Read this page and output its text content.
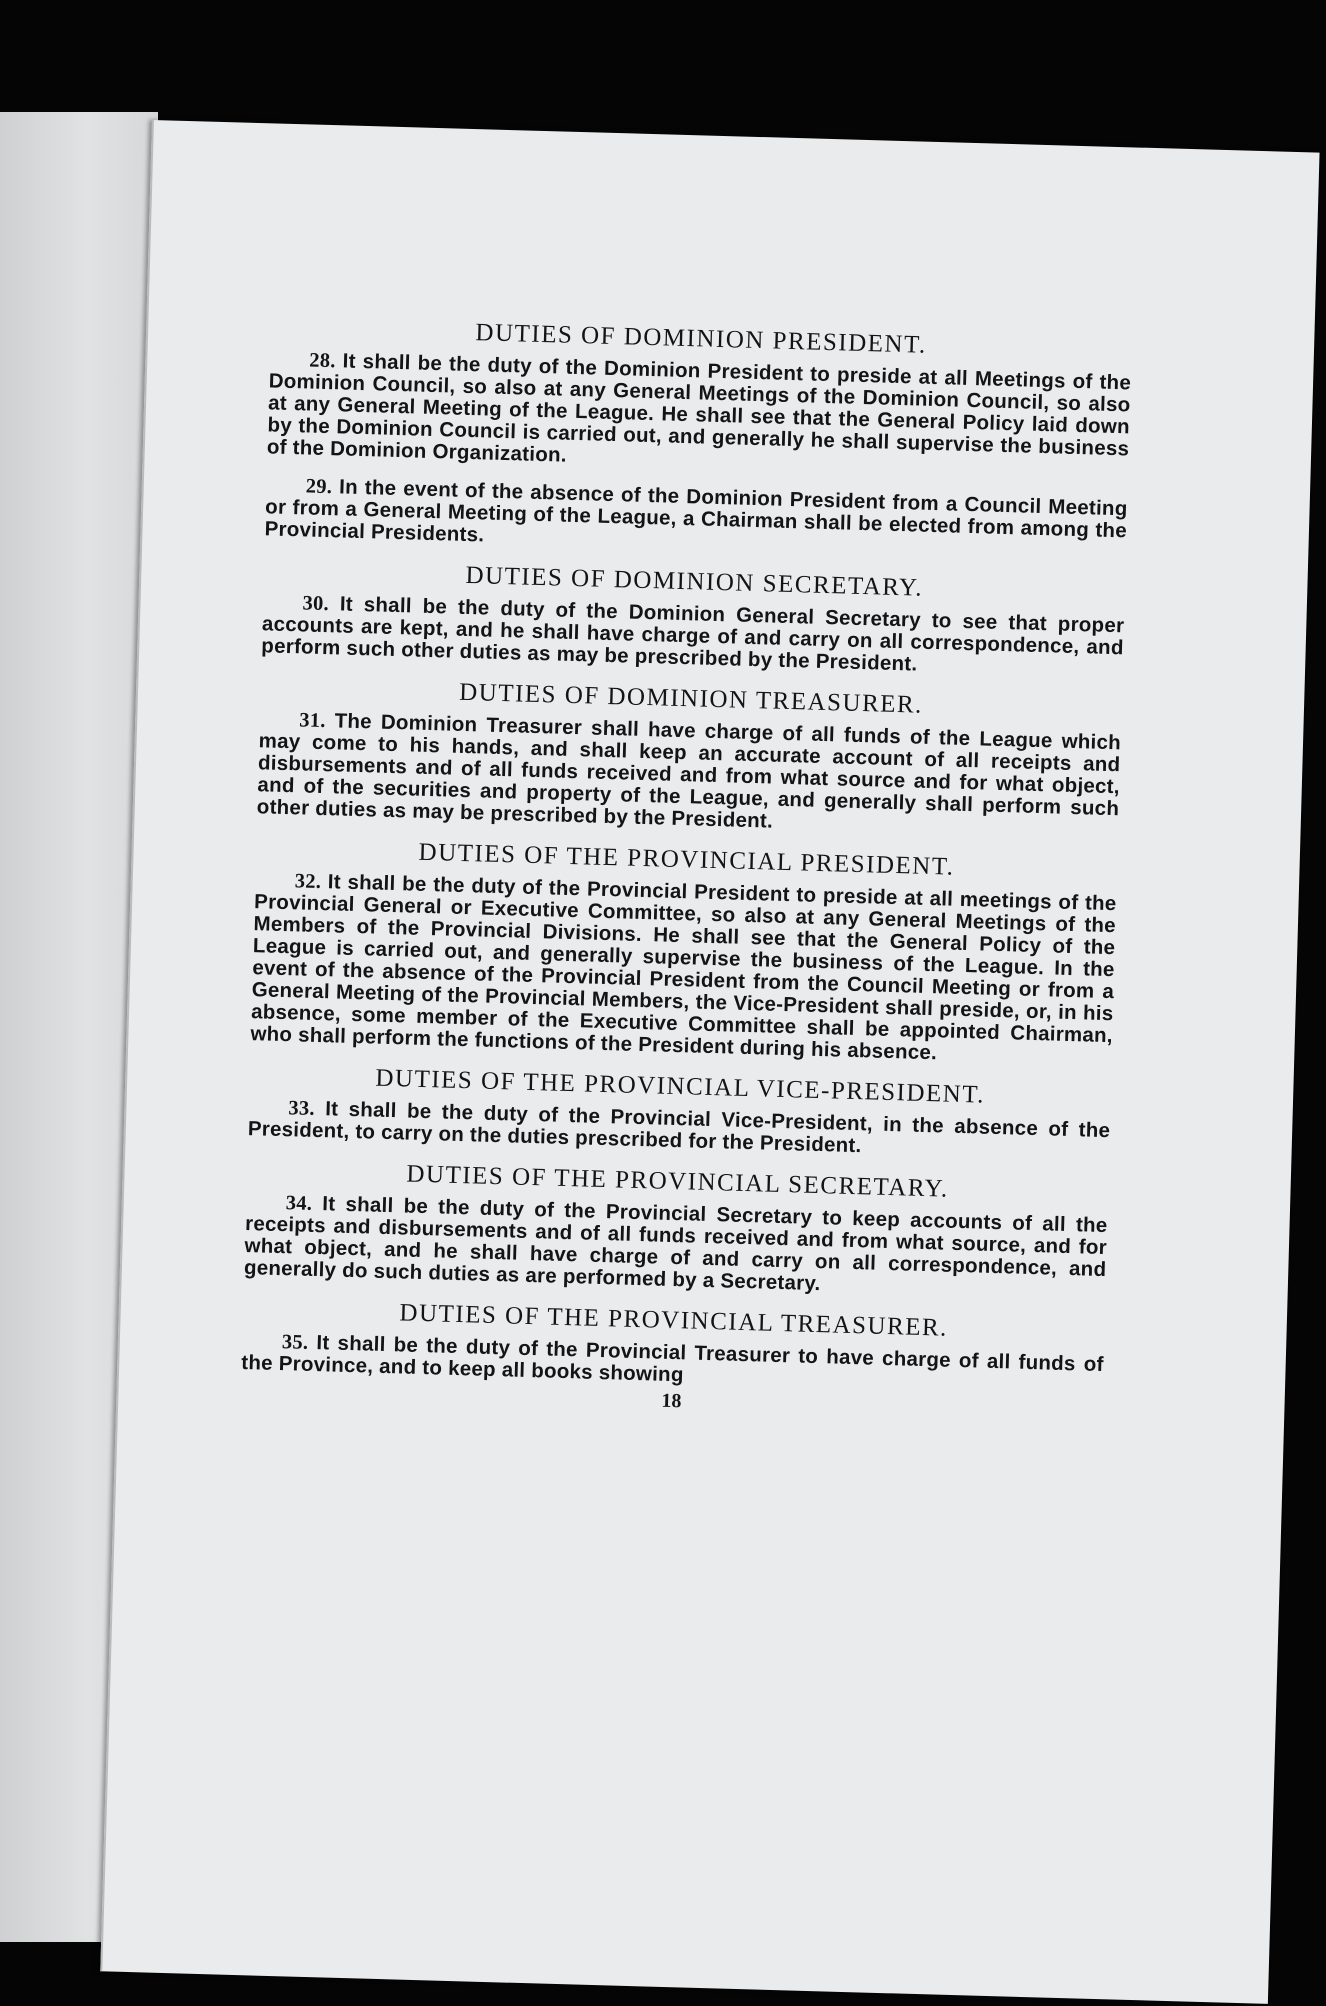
DUTIES OF DOMINION PRESIDENT.

28. It shall be the duty of the Dominion President to preside at all Meetings of the Dominion Council, so also at any General Meetings of the Dominion Council, so also at any General Meeting of the League. He shall see that the General Policy laid down by the Dominion Council is carried out, and generally he shall supervise the business of the Dominion Organization.

29. In the event of the absence of the Dominion President from a Council Meeting or from a General Meeting of the League, a Chairman shall be elected from among the Provincial Presidents.

DUTIES OF DOMINION SECRETARY.

30. It shall be the duty of the Dominion General Secretary to see that proper accounts are kept, and he shall have charge of and carry on all correspondence, and perform such other duties as may be prescribed by the President.

DUTIES OF DOMINION TREASURER.

31. The Dominion Treasurer shall have charge of all funds of the League which may come to his hands, and shall keep an accurate account of all receipts and disbursements and of all funds received and from what source and for what object, and of the securities and property of the League, and generally shall perform such other duties as may be prescribed by the President.

DUTIES OF THE PROVINCIAL PRESIDENT.

32. It shall be the duty of the Provincial President to preside at all meetings of the Provincial General or Executive Committee, so also at any General Meetings of the Members of the Provincial Divisions. He shall see that the General Policy of the League is carried out, and generally supervise the business of the League. In the event of the absence of the Provincial President from the Council Meeting or from a General Meeting of the Provincial Members, the Vice-President shall preside, or, in his absence, some member of the Executive Committee shall be appointed Chairman, who shall perform the functions of the President during his absence.

DUTIES OF THE PROVINCIAL VICE-PRESIDENT.

33. It shall be the duty of the Provincial Vice-President, in the absence of the President, to carry on the duties prescribed for the President.

DUTIES OF THE PROVINCIAL SECRETARY.

34. It shall be the duty of the Provincial Secretary to keep accounts of all the receipts and disbursements and of all funds received and from what source, and for what object, and he shall have charge of and carry on all correspondence, and generally do such duties as are performed by a Secretary.

DUTIES OF THE PROVINCIAL TREASURER.

35. It shall be the duty of the Provincial Treasurer to have charge of all funds of the Province, and to keep all books showing

18
